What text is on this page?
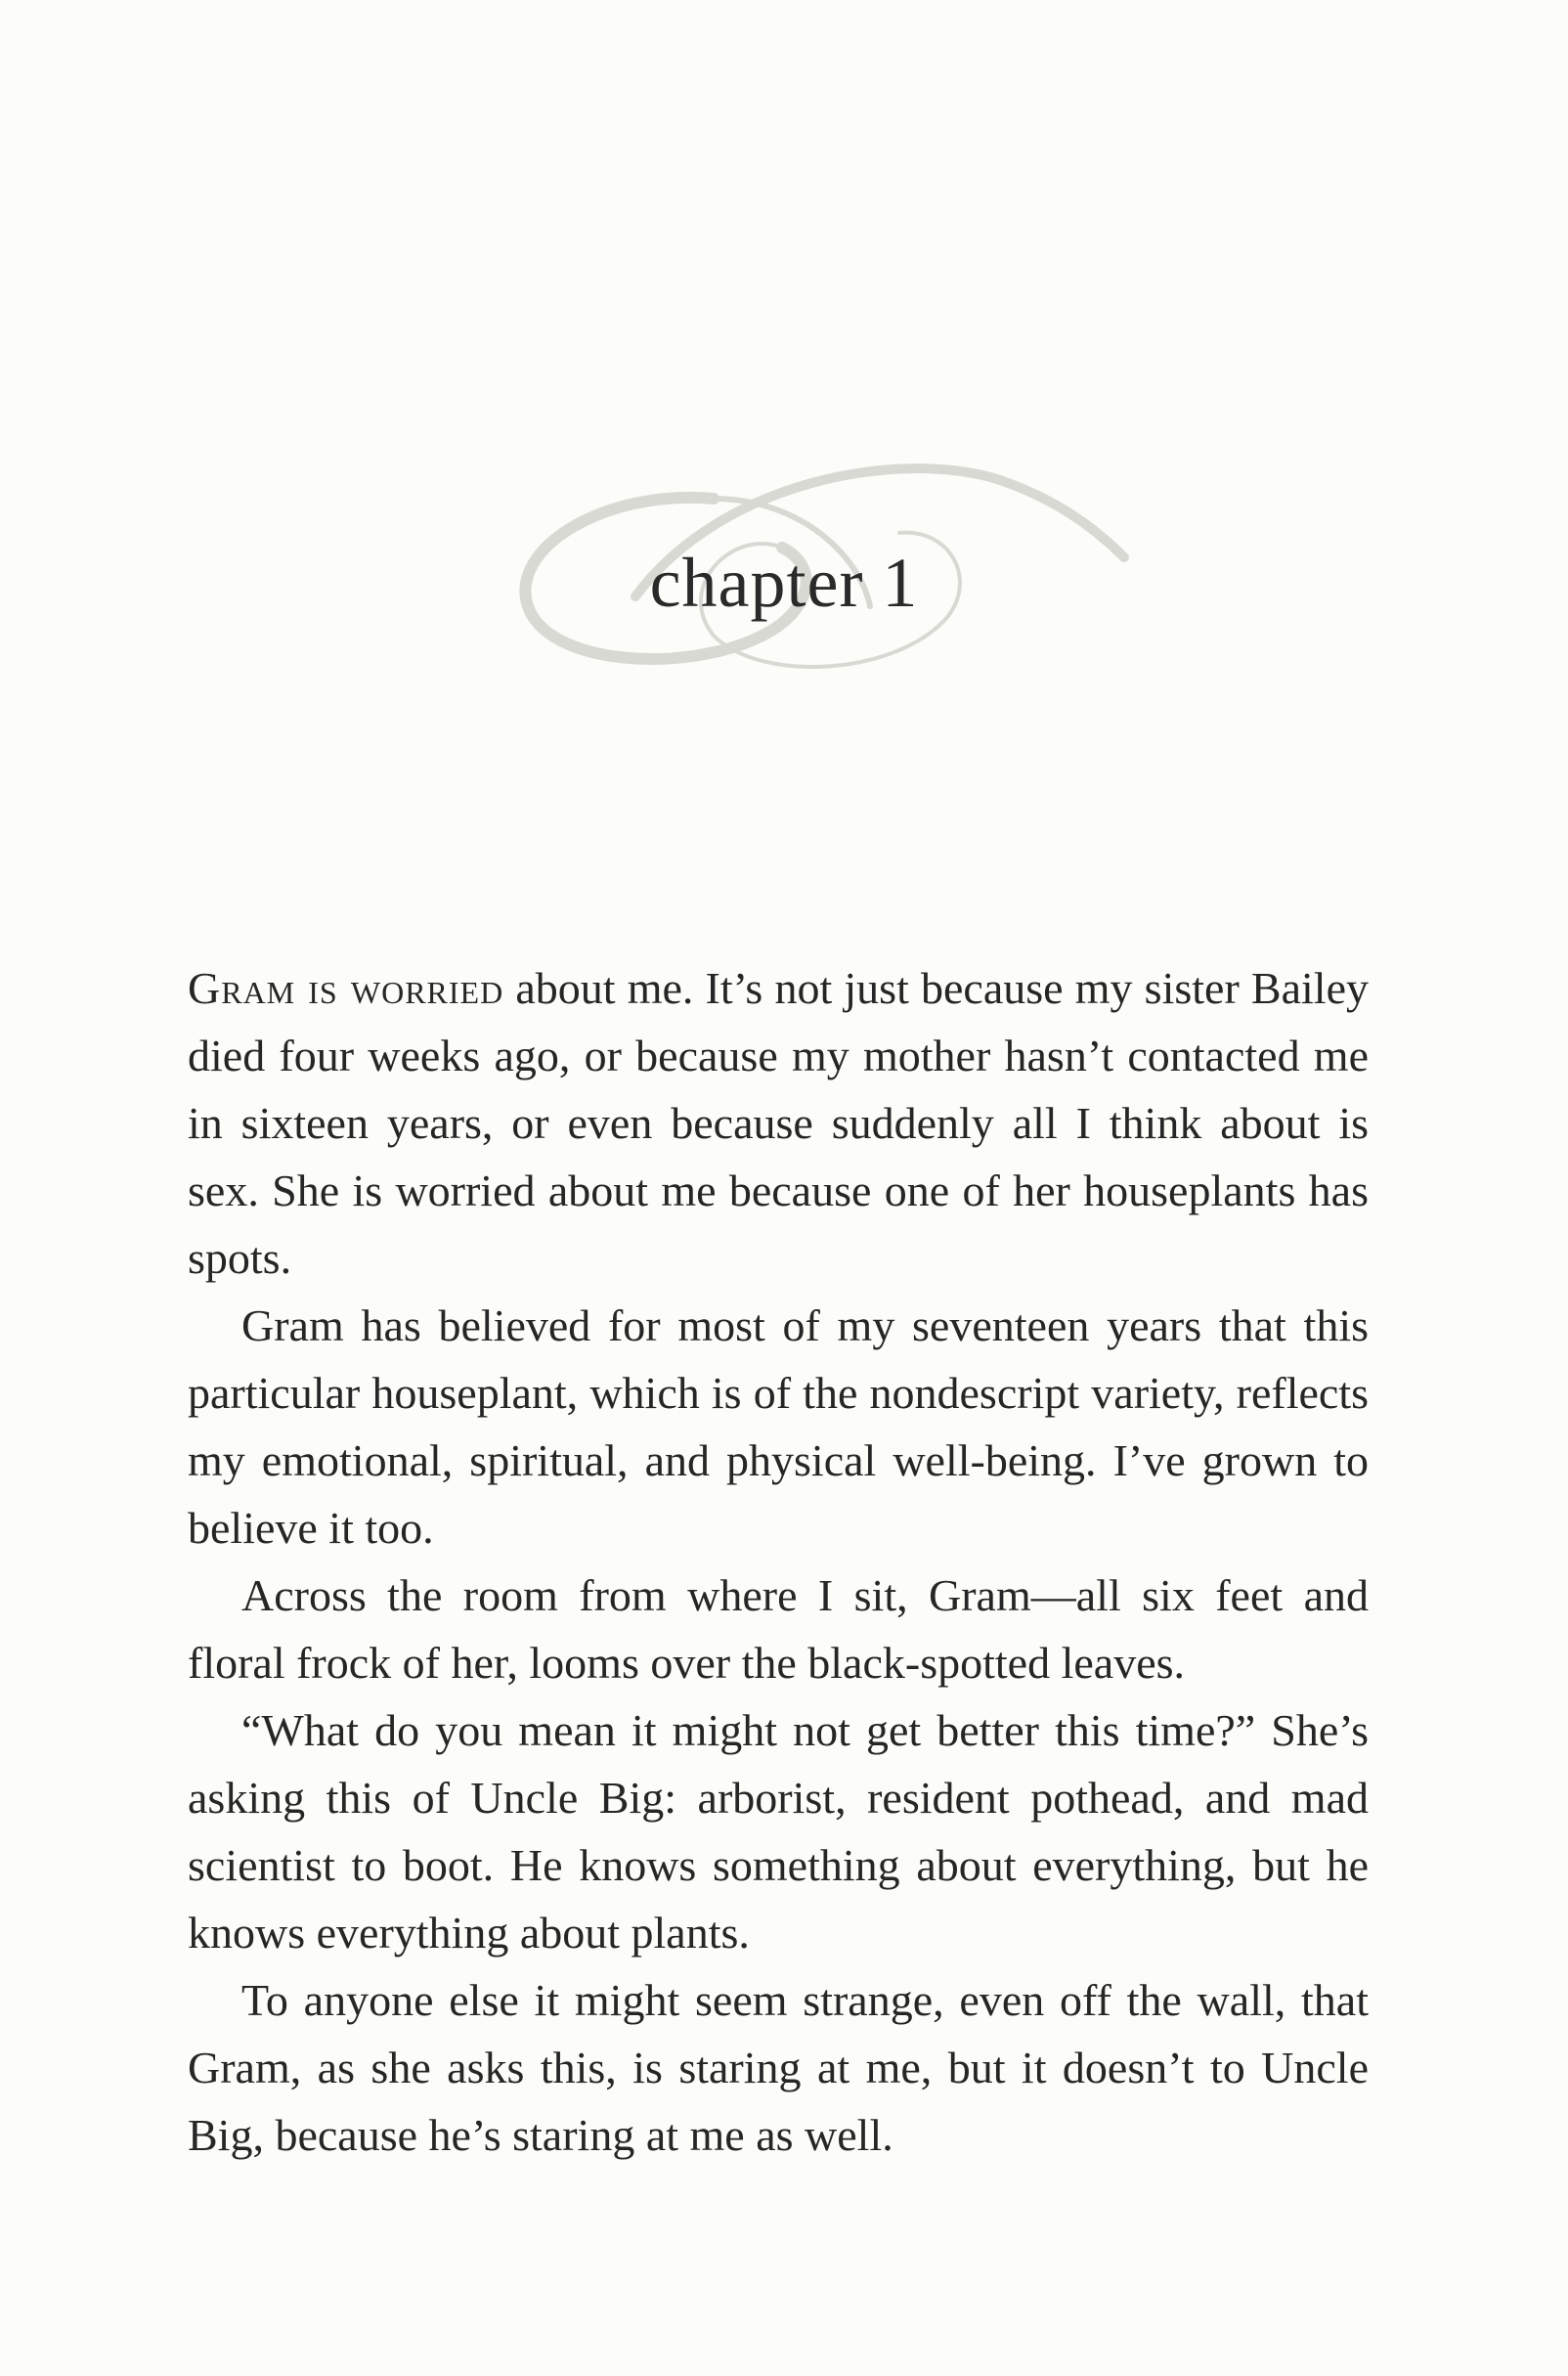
chapter 1

Gram is worried about me. It’s not just because my sister Bailey died four weeks ago, or because my mother hasn’t contacted me in sixteen years, or even because suddenly all I think about is sex. She is worried about me because one of her houseplants has spots.

Gram has believed for most of my seventeen years that this particular houseplant, which is of the nondescript variety, reflects my emotional, spiritual, and physical well-being. I’ve grown to believe it too.

Across the room from where I sit, Gram—all six feet and floral frock of her, looms over the black-spotted leaves.

“What do you mean it might not get better this time?” She’s asking this of Uncle Big: arborist, resident pothead, and mad scientist to boot. He knows something about everything, but he knows everything about plants.

To anyone else it might seem strange, even off the wall, that Gram, as she asks this, is staring at me, but it doesn’t to Uncle Big, because he’s staring at me as well.
